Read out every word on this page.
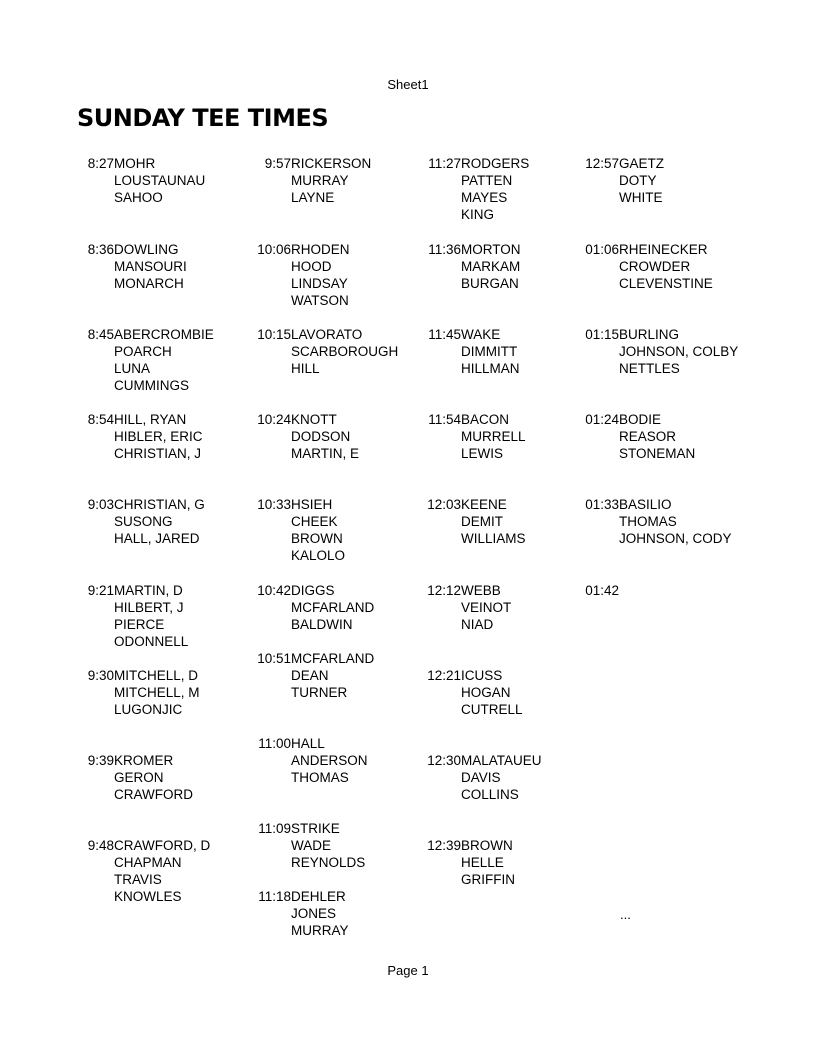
Sheet1
SUNDAY TEE TIMES
8:27 MOHR
LOUSTAUNAU
SAHOO
8:36 DOWLING
MANSOURI
MONARCH
8:45 ABERCROMBIE
POARCH
LUNA
CUMMINGS
8:54 HILL, RYAN
HIBLER, ERIC
CHRISTIAN, J
9:03 CHRISTIAN, G
SUSONG
HALL, JARED
9:21 MARTIN, D
HILBERT, J
PIERCE
ODONNELL
9:30 MITCHELL, D
MITCHELL, M
LUGONJIC
9:39 KROMER
GERON
CRAWFORD
9:48 CRAWFORD, D
CHAPMAN
TRAVIS
KNOWLES
9:57 RICKERSON
MURRAY
LAYNE
10:06 RHODEN
HOOD
LINDSAY
WATSON
10:15 LAVORATO
SCARBOROUGH
HILL
10:24 KNOTT
DODSON
MARTIN, E
10:33 HSIEH
CHEEK
BROWN
KALOLO
10:42 DIGGS
MCFARLAND
BALDWIN
10:51 MCFARLAND
DEAN
TURNER
11:00 HALL
ANDERSON
THOMAS
11:09 STRIKE
WADE
REYNOLDS
11:18 DEHLER
JONES
MURRAY
11:27 RODGERS
PATTEN
MAYES
KING
11:36 MORTON
MARKAM
BURGAN
11:45 WAKE
DIMMITT
HILLMAN
11:54 BACON
MURRELL
LEWIS
12:03 KEENE
DEMIT
WILLIAMS
12:12 WEBB
VEINOT
NIAD
12:21 ICUSS
HOGAN
CUTRELL
12:30 MALATAUEU
DAVIS
COLLINS
12:39 BROWN
HELLE
GRIFFIN
12:57 GAETZ
DOTY
WHITE
01:06 RHEINECKER
CROWDER
CLEVENSTINE
01:15 BURLING
JOHNSON, COLBY
NETTLES
01:24 BODIE
REASOR
STONEMAN
01:33 BASILIO
THOMAS
JOHNSON, CODY
01:42
...
Page 1
